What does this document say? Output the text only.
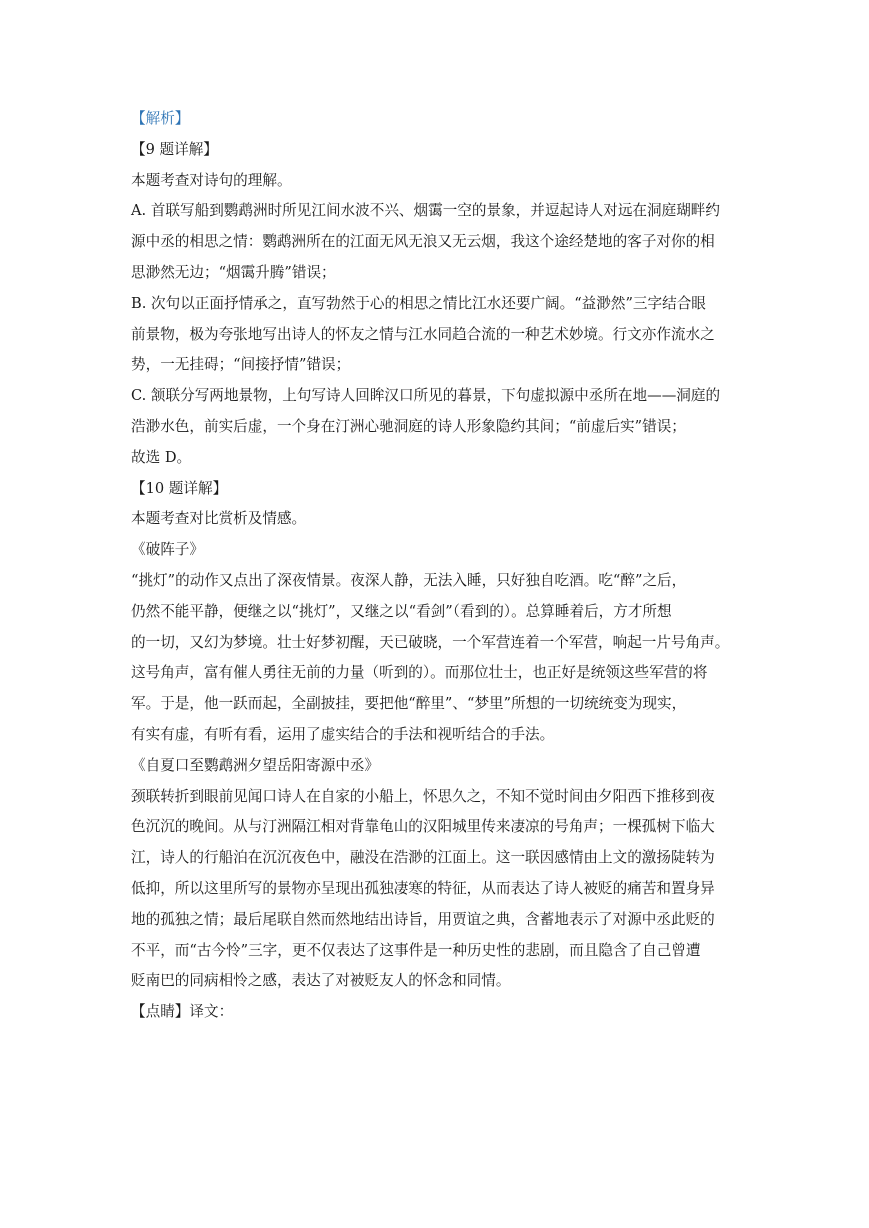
【解析】
【9 题详解】
本题考查对诗句的理解。
A. 首联写船到鹦鹉洲时所见江间水波不兴、烟霭一空的景象，并逗起诗人对远在洞庭瑚畔约
源中丞的相思之情：鹦鹉洲所在的江面无风无浪又无云烟，我这个途经楚地的客子对你的相
思渺然无边；“烟霭升腾”错误；
B. 次句以正面抒情承之，直写勃然于心的相思之情比江水还要广阔。“益渺然”三字结合眼
前景物，极为夸张地写出诗人的怀友之情与江水同趋合流的一种艺术妙境。行文亦作流水之
势，一无挂碍；“间接抒情”错误；
C. 颔联分写两地景物，上句写诗人回眸汉口所见的暮景，下句虚拟源中丞所在地——洞庭的
浩渺水色，前实后虚，一个身在汀洲心驰洞庭的诗人形象隐约其间；“前虚后实”错误；
故选 D。
【10 题详解】
本题考查对比赏析及情感。
《破阵子》
“挑灯”的动作又点出了深夜情景。夜深人静，无法入睡，只好独自吃酒。吃“醉”之后，
仍然不能平静，便继之以“挑灯”，又继之以“看剑”（看到的）。总算睡着后，方才所想
的一切，又幻为梦境。壮士好梦初醒，天已破晓，一个军营连着一个军营，响起一片号角声。
这号角声，富有催人勇往无前的力量（听到的）。而那位壮士，也正好是统领这些军营的将
军。于是，他一跃而起，全副披挂，要把他“醉里”、“梦里”所想的一切统统变为现实，
有实有虚，有听有看，运用了虚实结合的手法和视听结合的手法。
《自夏口至鹦鹉洲夕望岳阳寄源中丞》
颈联转折到眼前见闻口诗人在自家的小船上，怀思久之，不知不觉时间由夕阳西下推移到夜
色沉沉的晚间。从与汀洲隔江相对背靠龟山的汉阳城里传来凄凉的号角声；一棵孤树下临大
江，诗人的行船泊在沉沉夜色中，融没在浩渺的江面上。这一联因感情由上文的激扬陡转为
低抑，所以这里所写的景物亦呈现出孤独凄寒的特征，从而表达了诗人被贬的痛苦和置身异
地的孤独之情；最后尾联自然而然地结出诗旨，用贾谊之典，含蓄地表示了对源中丞此贬的
不平，而“古今怜”三字，更不仅表达了这事件是一种历史性的悲剧，而且隐含了自己曾遭
贬南巴的同病相怜之感，表达了对被贬友人的怀念和同情。
【点睛】译文：
